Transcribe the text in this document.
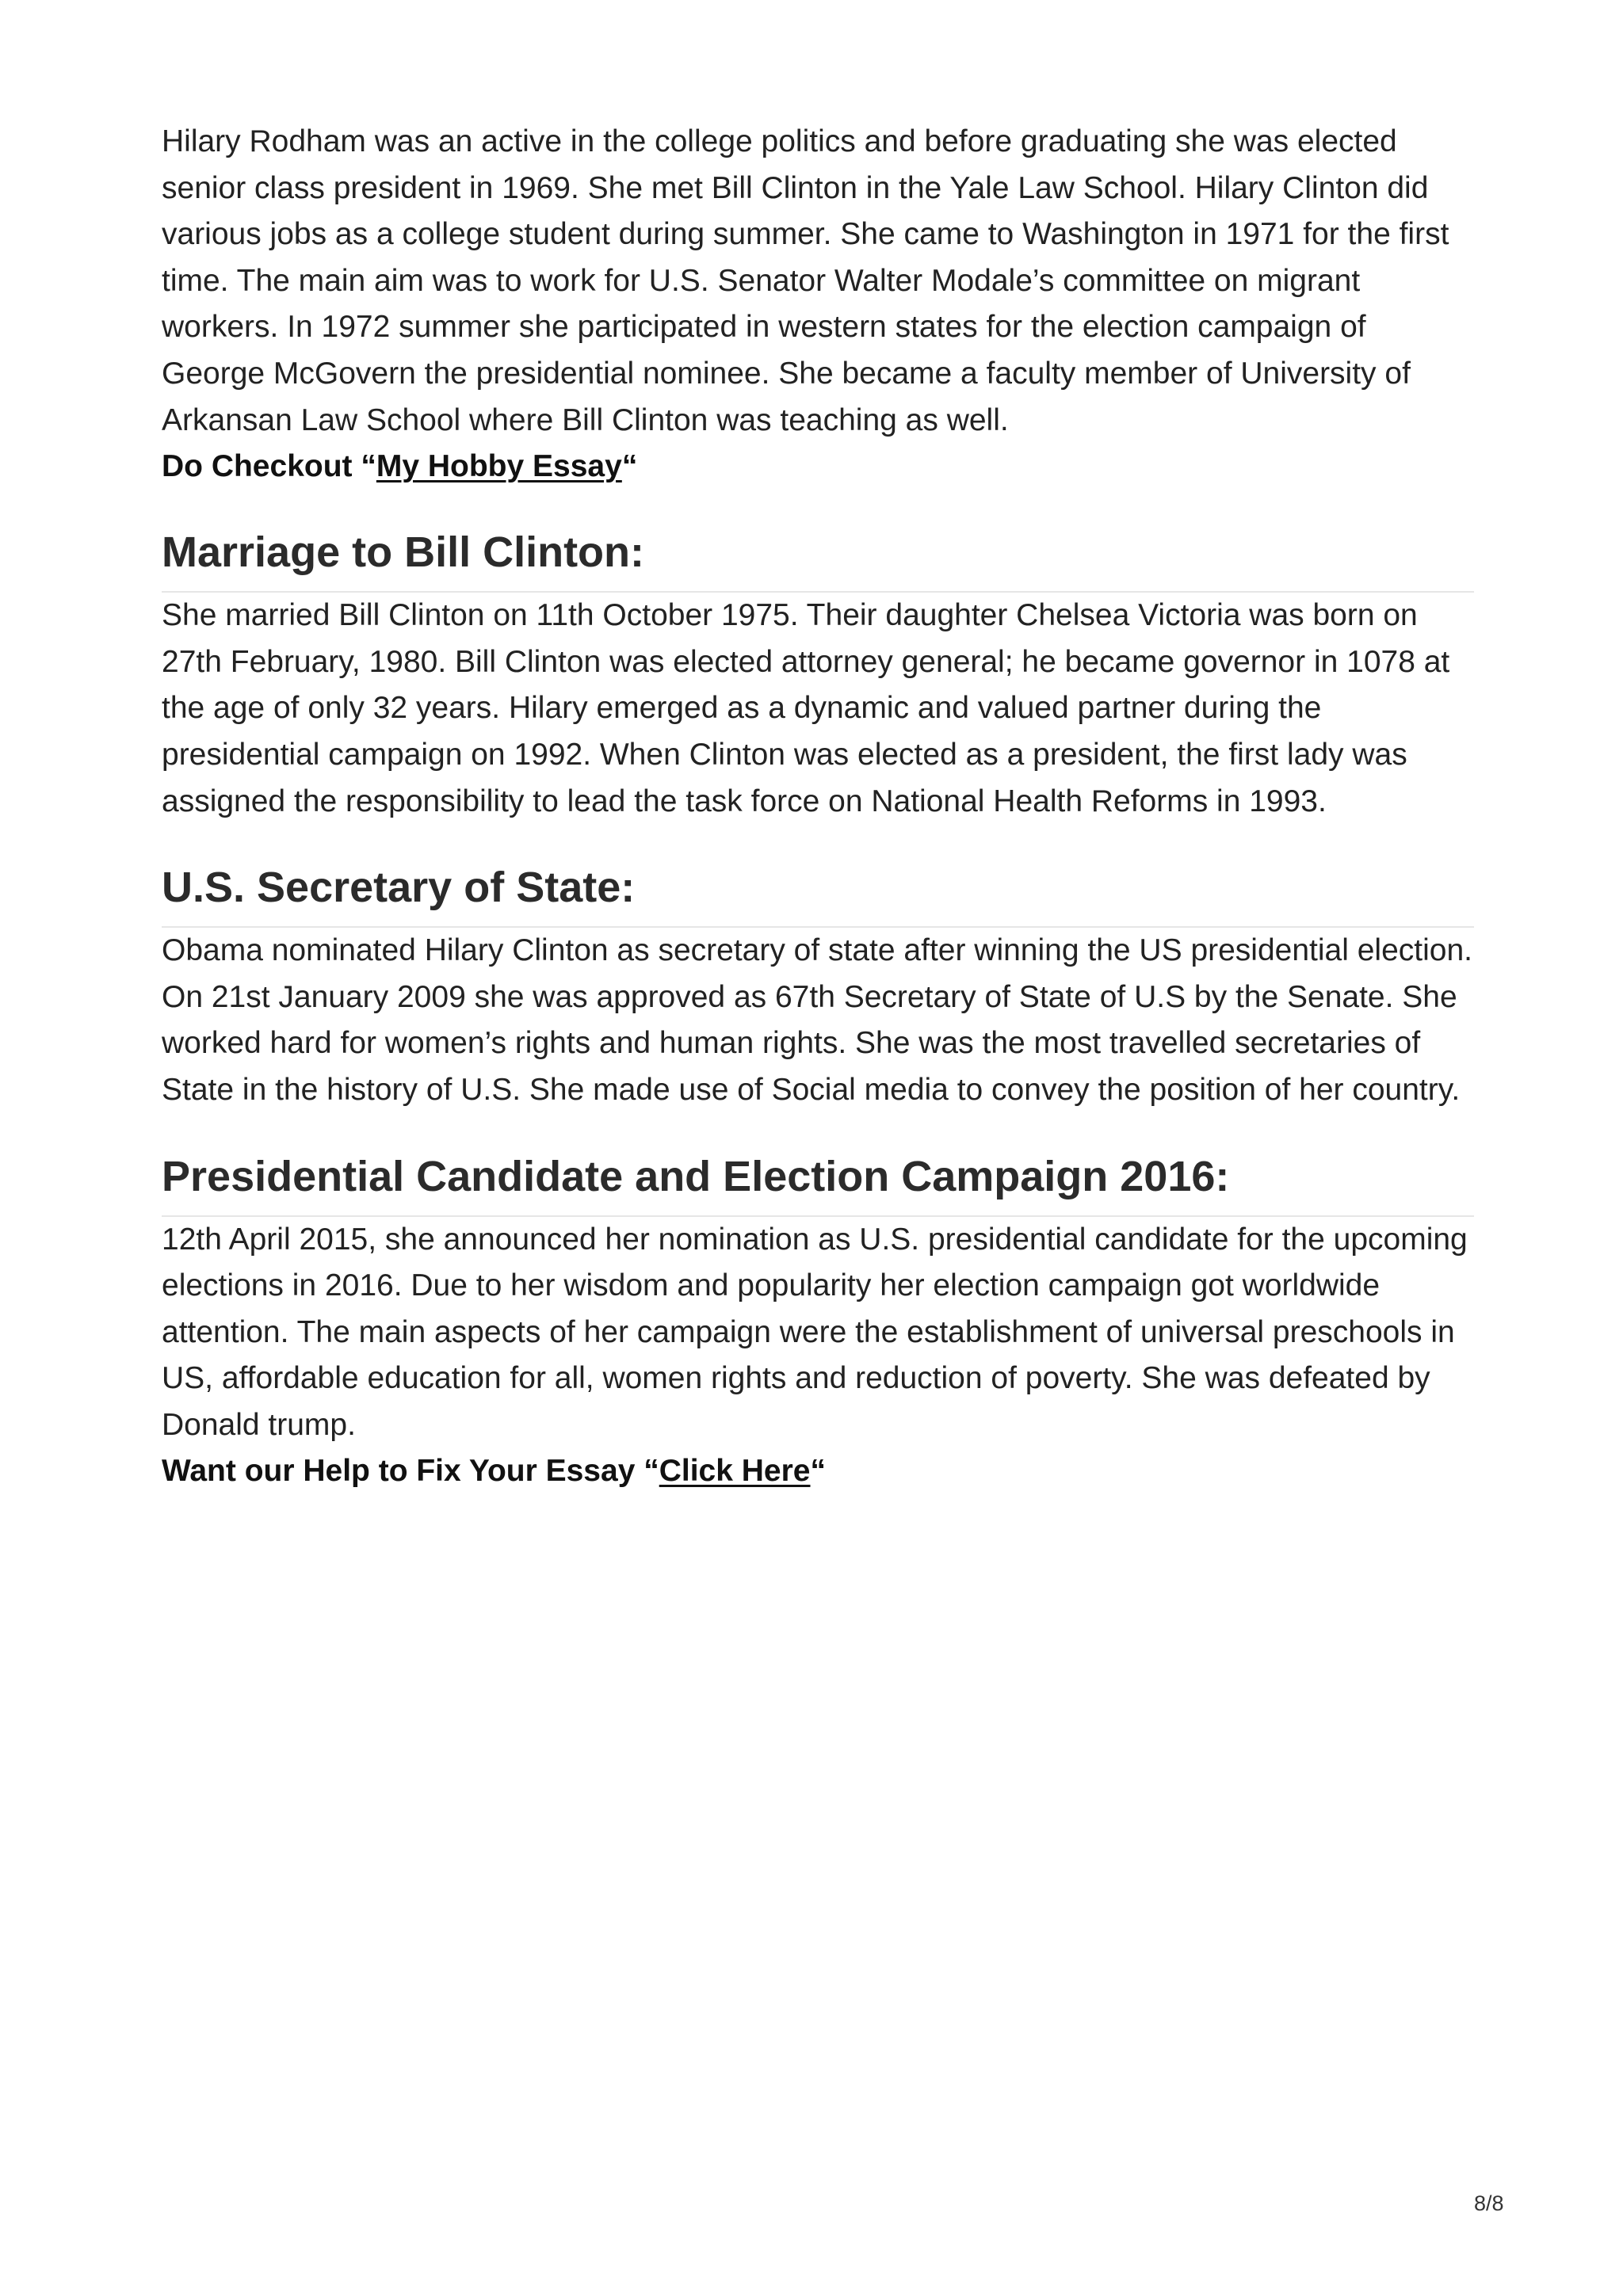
Hilary Rodham was an active in the college politics and before graduating she was elected senior class president in 1969. She met Bill Clinton in the Yale Law School. Hilary Clinton did various jobs as a college student during summer. She came to Washington in 1971 for the first time. The main aim was to work for U.S. Senator Walter Modale’s committee on migrant workers. In 1972 summer she participated in western states for the election campaign of George McGovern the presidential nominee. She became a faculty member of University of Arkansan Law School where Bill Clinton was teaching as well.

Do Checkout “My Hobby Essay“

Marriage to Bill Clinton:

She married Bill Clinton on 11th October 1975. Their daughter Chelsea Victoria was born on 27th February, 1980. Bill Clinton was elected attorney general; he became governor in 1078 at the age of only 32 years. Hilary emerged as a dynamic and valued partner during the presidential campaign on 1992. When Clinton was elected as a president, the first lady was assigned the responsibility to lead the task force on National Health Reforms in 1993.

U.S. Secretary of State:

Obama nominated Hilary Clinton as secretary of state after winning the US presidential election. On 21st January 2009 she was approved as 67th Secretary of State of U.S by the Senate. She worked hard for women’s rights and human rights. She was the most travelled secretaries of State in the history of U.S. She made use of Social media to convey the position of her country.

Presidential Candidate and Election Campaign 2016:

12th April 2015, she announced her nomination as U.S. presidential candidate for the upcoming elections in 2016. Due to her wisdom and popularity her election campaign got worldwide attention. The main aspects of her campaign were the establishment of universal preschools in US, affordable education for all, women rights and reduction of poverty. She was defeated by Donald trump.

Want our Help to Fix Your Essay “Click Here“

8/8
